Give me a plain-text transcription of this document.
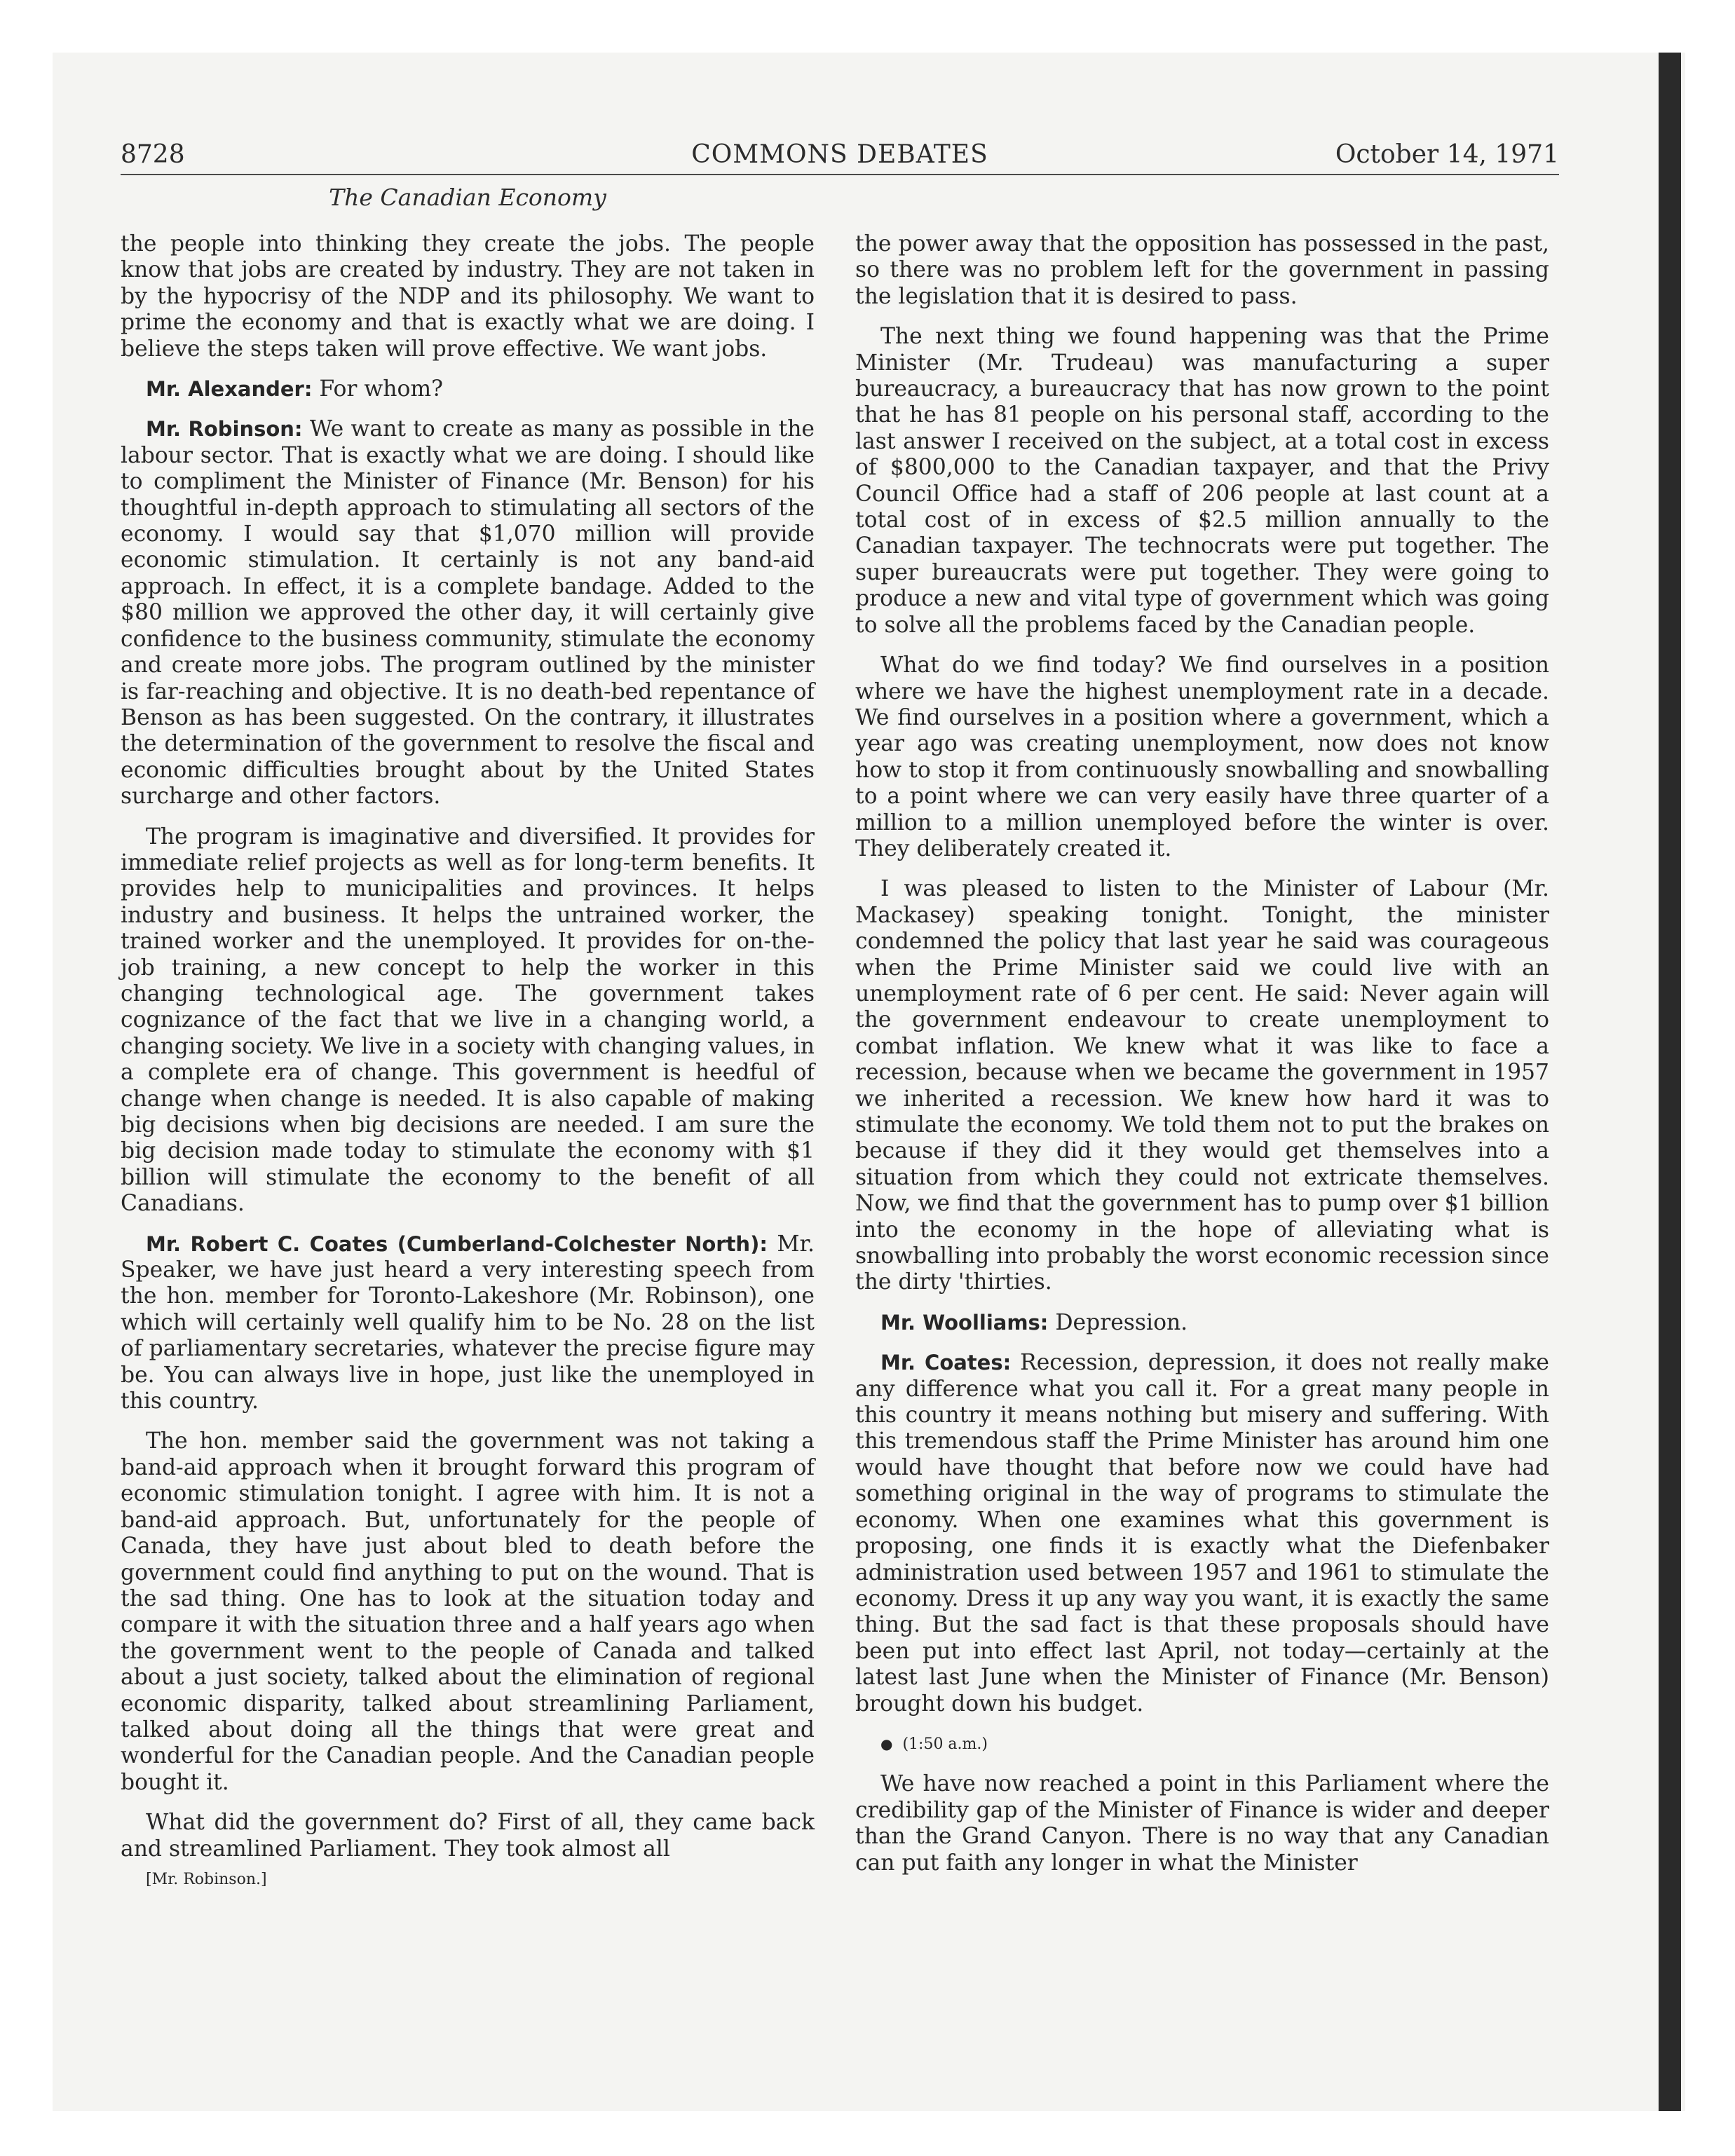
8728	COMMONS DEBATES	October 14, 1971
The Canadian Economy

the people into thinking they create the jobs. The people know that jobs are created by industry. They are not taken in by the hypocrisy of the NDP and its philosophy. We want to prime the economy and that is exactly what we are doing. I believe the steps taken will prove effective. We want jobs.

Mr. Alexander: For whom?

Mr. Robinson: We want to create as many as possible in the labour sector. That is exactly what we are doing. I should like to compliment the Minister of Finance (Mr. Benson) for his thoughtful in-depth approach to stimulating all sectors of the economy. I would say that $1,070 million will provide economic stimulation. It certainly is not any band-aid approach. In effect, it is a complete bandage. Added to the $80 million we approved the other day, it will certainly give confidence to the business community, stimulate the economy and create more jobs. The program outlined by the minister is far-reaching and objective. It is no death-bed repentance of Benson as has been suggested. On the contrary, it illustrates the determination of the government to resolve the fiscal and economic difficulties brought about by the United States surcharge and other factors.

The program is imaginative and diversified. It provides for immediate relief projects as well as for long-term benefits. It provides help to municipalities and provinces. It helps industry and business. It helps the untrained worker, the trained worker and the unemployed. It provides for on-the-job training, a new concept to help the worker in this changing technological age. The government takes cognizance of the fact that we live in a changing world, a changing society. We live in a society with changing values, in a complete era of change. This government is heedful of change when change is needed. It is also capable of making big decisions when big decisions are needed. I am sure the big decision made today to stimulate the economy with $1 billion will stimulate the economy to the benefit of all Canadians.

Mr. Robert C. Coates (Cumberland-Colchester North): Mr. Speaker, we have just heard a very interesting speech from the hon. member for Toronto-Lakeshore (Mr. Robinson), one which will certainly well qualify him to be No. 28 on the list of parliamentary secretaries, whatever the precise figure may be. You can always live in hope, just like the unemployed in this country.

The hon. member said the government was not taking a band-aid approach when it brought forward this program of economic stimulation tonight. I agree with him. It is not a band-aid approach. But, unfortunately for the people of Canada, they have just about bled to death before the government could find anything to put on the wound. That is the sad thing. One has to look at the situation today and compare it with the situation three and a half years ago when the government went to the people of Canada and talked about a just society, talked about the elimination of regional economic disparity, talked about streamlining Parliament, talked about doing all the things that were great and wonderful for the Canadian people. And the Canadian people bought it.

What did the government do? First of all, they came back and streamlined Parliament. They took almost all

[Mr. Robinson.]

the power away that the opposition has possessed in the past, so there was no problem left for the government in passing the legislation that it is desired to pass.

The next thing we found happening was that the Prime Minister (Mr. Trudeau) was manufacturing a super bureaucracy, a bureaucracy that has now grown to the point that he has 81 people on his personal staff, according to the last answer I received on the subject, at a total cost in excess of $800,000 to the Canadian taxpayer, and that the Privy Council Office had a staff of 206 people at last count at a total cost of in excess of $2.5 million annually to the Canadian taxpayer. The technocrats were put together. The super bureaucrats were put together. They were going to produce a new and vital type of government which was going to solve all the problems faced by the Canadian people.

What do we find today? We find ourselves in a position where we have the highest unemployment rate in a decade. We find ourselves in a position where a government, which a year ago was creating unemployment, now does not know how to stop it from continuously snowballing and snowballing to a point where we can very easily have three quarter of a million to a million unemployed before the winter is over. They deliberately created it.

I was pleased to listen to the Minister of Labour (Mr. Mackasey) speaking tonight. Tonight, the minister condemned the policy that last year he said was courageous when the Prime Minister said we could live with an unemployment rate of 6 per cent. He said: Never again will the government endeavour to create unemployment to combat inflation. We knew what it was like to face a recession, because when we became the government in 1957 we inherited a recession. We knew how hard it was to stimulate the economy. We told them not to put the brakes on because if they did it they would get themselves into a situation from which they could not extricate themselves. Now, we find that the government has to pump over $1 billion into the economy in the hope of alleviating what is snowballing into probably the worst economic recession since the dirty 'thirties.

Mr. Woolliams: Depression.

Mr. Coates: Recession, depression, it does not really make any difference what you call it. For a great many people in this country it means nothing but misery and suffering. With this tremendous staff the Prime Minister has around him one would have thought that before now we could have had something original in the way of programs to stimulate the economy. When one examines what this government is proposing, one finds it is exactly what the Diefenbaker administration used between 1957 and 1961 to stimulate the economy. Dress it up any way you want, it is exactly the same thing. But the sad fact is that these proposals should have been put into effect last April, not today—certainly at the latest last June when the Minister of Finance (Mr. Benson) brought down his budget.

● (1:50 a.m.)

We have now reached a point in this Parliament where the credibility gap of the Minister of Finance is wider and deeper than the Grand Canyon. There is no way that any Canadian can put faith any longer in what the Minister
